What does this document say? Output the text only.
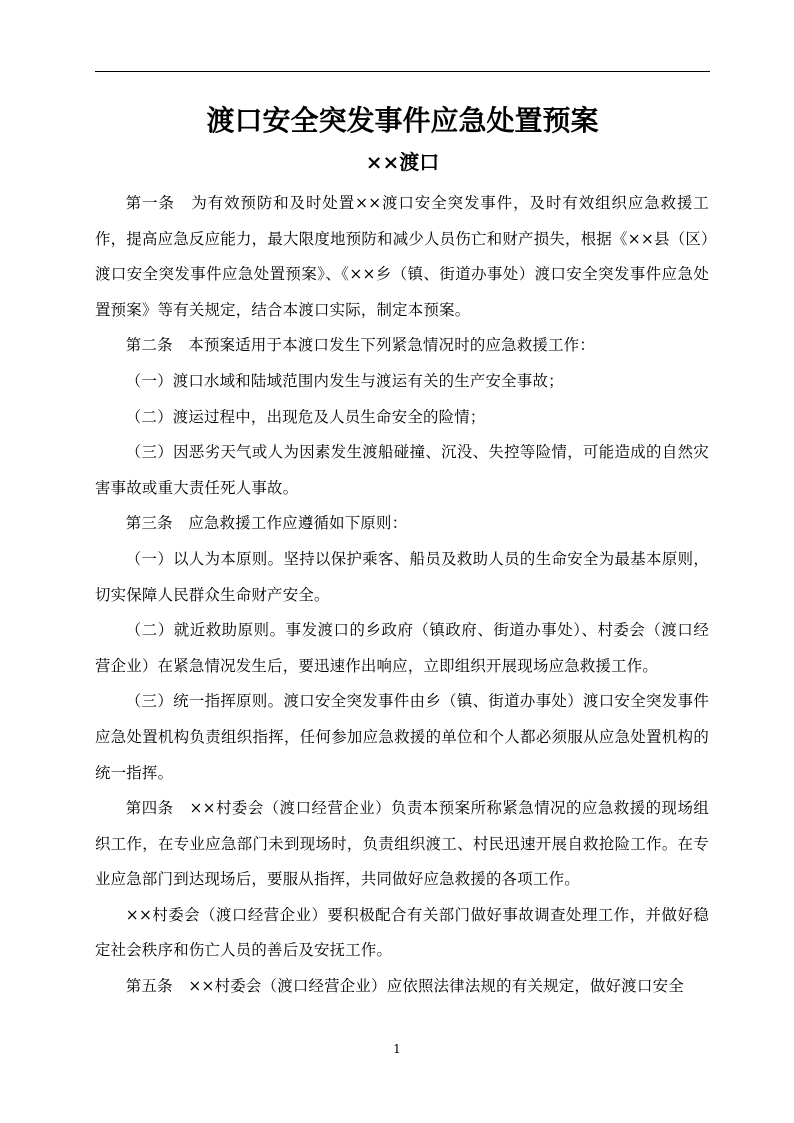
渡口安全突发事件应急处置预案
××渡口

第一条　为有效预防和及时处置××渡口安全突发事件，及时有效组织应急救援工作，提高应急反应能力，最大限度地预防和减少人员伤亡和财产损失，根据《××县（区）渡口安全突发事件应急处置预案》、《××乡（镇、街道办事处）渡口安全突发事件应急处置预案》等有关规定，结合本渡口实际，制定本预案。

第二条　本预案适用于本渡口发生下列紧急情况时的应急救援工作：

（一）渡口水域和陆域范围内发生与渡运有关的生产安全事故；

（二）渡运过程中，出现危及人员生命安全的险情；

（三）因恶劣天气或人为因素发生渡船碰撞、沉没、失控等险情，可能造成的自然灾害事故或重大责任死人事故。

第三条　应急救援工作应遵循如下原则：

（一）以人为本原则。坚持以保护乘客、船员及救助人员的生命安全为最基本原则，切实保障人民群众生命财产安全。

（二）就近救助原则。事发渡口的乡政府（镇政府、街道办事处）、村委会（渡口经营企业）在紧急情况发生后，要迅速作出响应，立即组织开展现场应急救援工作。

（三）统一指挥原则。渡口安全突发事件由乡（镇、街道办事处）渡口安全突发事件应急处置机构负责组织指挥，任何参加应急救援的单位和个人都必须服从应急处置机构的统一指挥。

第四条　××村委会（渡口经营企业）负责本预案所称紧急情况的应急救援的现场组织工作，在专业应急部门未到现场时，负责组织渡工、村民迅速开展自救抢险工作。在专业应急部门到达现场后，要服从指挥，共同做好应急救援的各项工作。

××村委会（渡口经营企业）要积极配合有关部门做好事故调查处理工作，并做好稳定社会秩序和伤亡人员的善后及安抚工作。

第五条　××村委会（渡口经营企业）应依照法律法规的有关规定，做好渡口安全

1
